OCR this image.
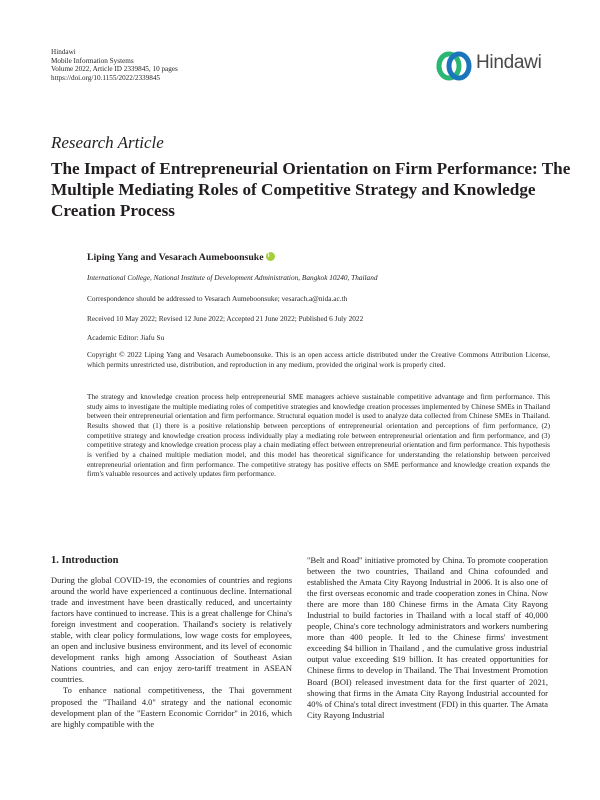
Hindawi
Mobile Information Systems
Volume 2022, Article ID 2339845, 10 pages
https://doi.org/10.1155/2022/2339845
Hindawi
Research Article
The Impact of Entrepreneurial Orientation on Firm Performance: The Multiple Mediating Roles of Competitive Strategy and Knowledge Creation Process
Liping Yang and Vesarach Aumeboonsuke i
International College, National Institute of Development Administration, Bangkok 10240, Thailand
Correspondence should be addressed to Vesarach Aumeboonsuke; vesarach.a@nida.ac.th
Received 10 May 2022; Revised 12 June 2022; Accepted 21 June 2022; Published 6 July 2022
Academic Editor: Jiafu Su
Copyright © 2022 Liping Yang and Vesarach Aumeboonsuke. This is an open access article distributed under the Creative Commons Attribution License, which permits unrestricted use, distribution, and reproduction in any medium, provided the original work is properly cited.
The strategy and knowledge creation process help entrepreneurial SME managers achieve sustainable competitive advantage and firm performance. This study aims to investigate the multiple mediating roles of competitive strategies and knowledge creation processes implemented by Chinese SMEs in Thailand between their entrepreneurial orientation and firm performance. Structural equation model is used to analyze data collected from Chinese SMEs in Thailand. Results showed that (1) there is a positive relationship between perceptions of entrepreneurial orientation and perceptions of firm performance, (2) competitive strategy and knowledge creation process individually play a mediating role between entrepreneurial orientation and firm performance, and (3) competitive strategy and knowledge creation process play a chain mediating effect between entrepreneurial orientation and firm performance. This hypothesis is verified by a chained multiple mediation model, and this model has theoretical significance for understanding the relationship between perceived entrepreneurial orientation and firm performance. The competitive strategy has positive effects on SME performance and knowledge creation expands the firm's valuable resources and actively updates firm performance.
1. Introduction

During the global COVID-19, the economies of countries and regions around the world have experienced a continuous decline. International trade and investment have been drastically reduced, and uncertainty factors have continued to increase. This is a great challenge for China's foreign investment and cooperation. Thailand's society is relatively stable, with clear policy formulations, low wage costs for employees, an open and inclusive business environment, and its level of economic development ranks high among Association of Southeast Asian Nations countries, and can enjoy zero-tariff treatment in ASEAN countries.

To enhance national competitiveness, the Thai government proposed the "Thailand 4.0" strategy and the national economic development plan of the "Eastern Economic Corridor" in 2016, which are highly compatible with the

"Belt and Road" initiative promoted by China. To promote cooperation between the two countries, Thailand and China cofounded and established the Amata City Rayong Industrial in 2006. It is also one of the first overseas economic and trade cooperation zones in China. Now there are more than 180 Chinese firms in the Amata City Rayong Industrial to build factories in Thailand with a local staff of 40,000 people, China's core technology administrators and workers numbering more than 400 people. It led to the Chinese firms' investment exceeding $4 billion in Thailand , and the cumulative gross industrial output value exceeding $19 billion. It has created opportunities for Chinese firms to develop in Thailand. The Thai Investment Promotion Board (BOI) released investment data for the first quarter of 2021, showing that firms in the Amata City Rayong Industrial accounted for 40% of China's total direct investment (FDI) in this quarter. The Amata City Rayong Industrial
